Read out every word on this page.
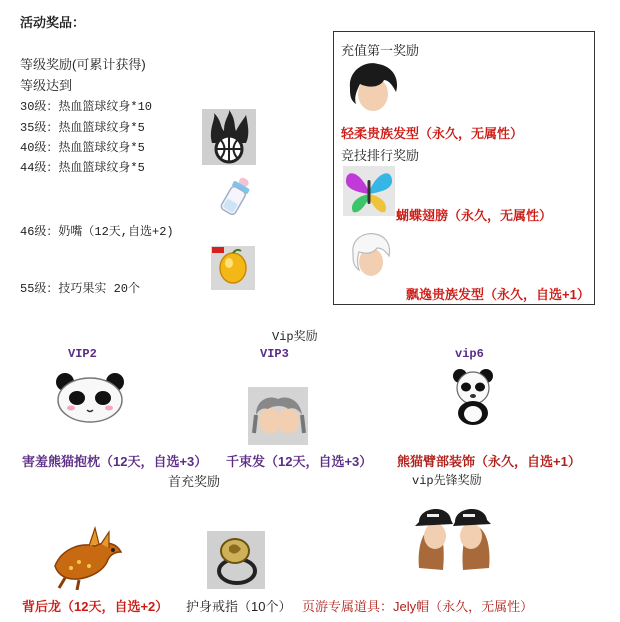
活动奖品：
等级奖励(可累计获得)
等级达到
30级：热血篮球纹身*10
35级：热血篮球纹身*5
40级：热血篮球纹身*5
44级：热血篮球纹身*5
46级：奶嘴（12天,自选+2)
55级：技巧果实 20个
充值第一奖励
轻柔贵族发型（永久，无属性）
竞技排行奖励
蝴蝶翅膀（永久，无属性）
飘逸贵族发型（永久，自选+1）
Vip奖励
VIP2	VIP3	vip6
害羞熊猫抱枕（12天，自选+3） 千束发（12天，自选+3） 熊猫臂部装饰（永久，自选+1）
首充奖励	vip先锋奖励
背后龙（12天，自选+2） 护身戒指（10个） 页游专属道具：Jely帽（永久，无属性）
